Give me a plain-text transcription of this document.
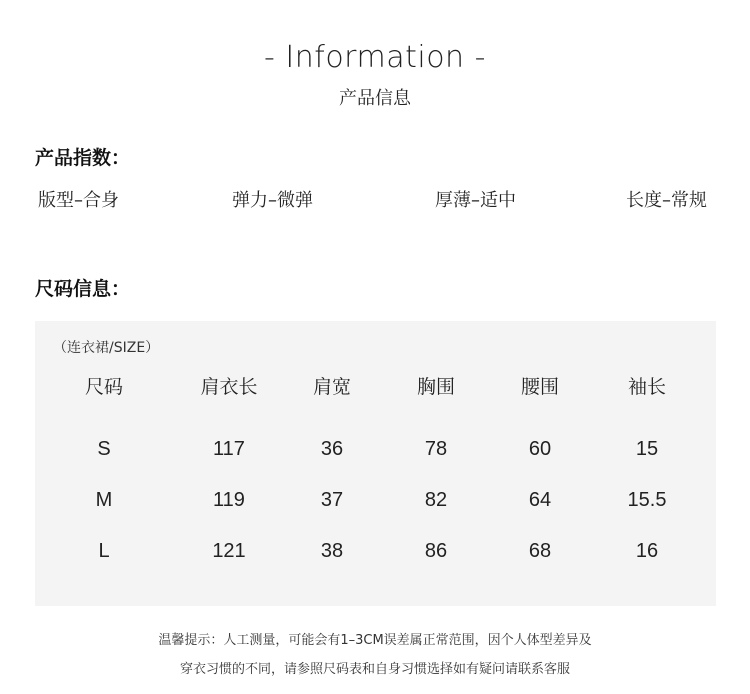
- Information -
产品信息
产品指数：
版型–合身	弹力–微弹	厚薄–适中	长度–常规
尺码信息：
（连衣裙/SIZE）
尺码	肩衣长	肩宽	胸围	腰围	袖长
S	117	36	78	60	15
M	119	37	82	64	15.5
L	121	38	86	68	16
温馨提示：人工测量，可能会有1–3CM误差属正常范围，因个人体型差异及
穿衣习惯的不同，请参照尺码表和自身习惯选择如有疑问请联系客服
